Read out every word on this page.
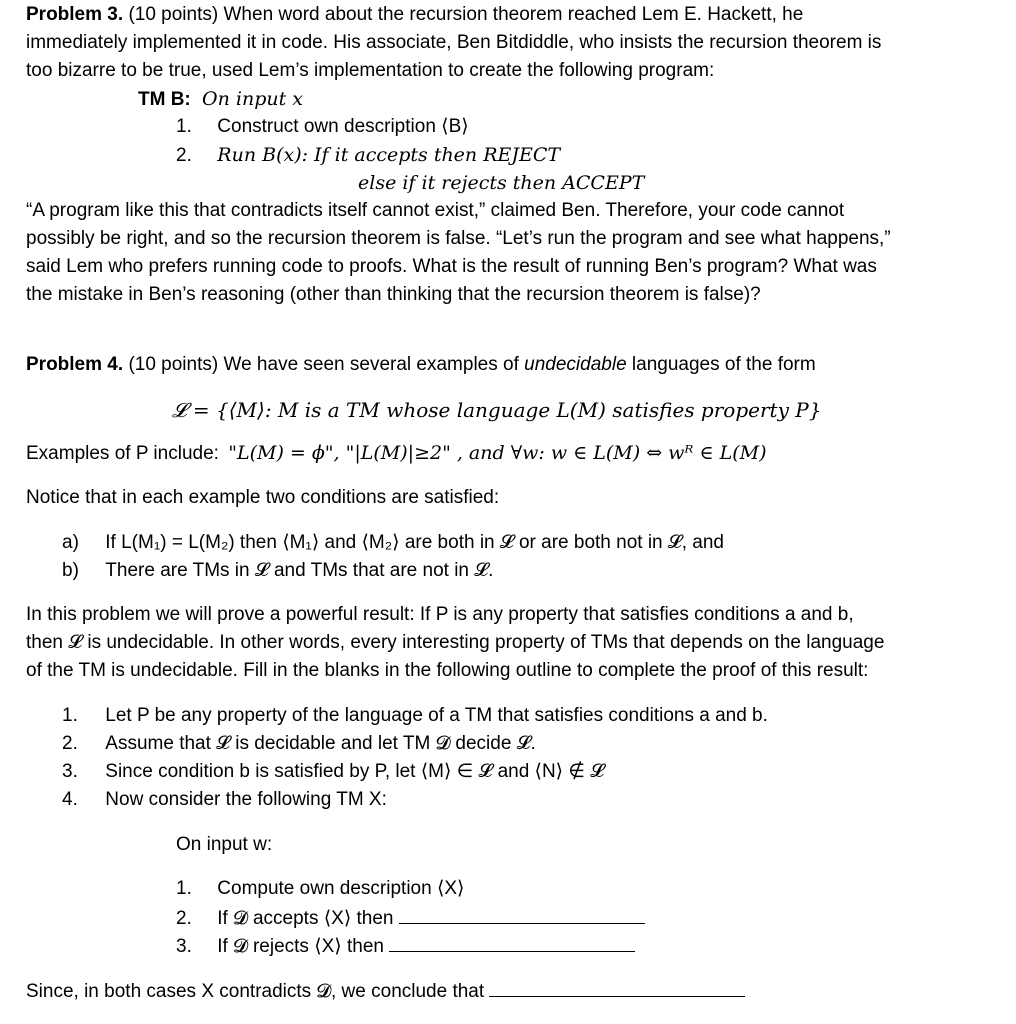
Problem 3. (10 points) When word about the recursion theorem reached Lem E. Hackett, he
immediately implemented it in code. His associate, Ben Bitdiddle, who insists the recursion theorem is
too bizarre to be true, used Lem’s implementation to create the following program:
TM B: On input x
1. Construct own description ⟨B⟩
2. Run B(x): If it accepts then REJECT
else if it rejects then ACCEPT
“A program like this that contradicts itself cannot exist,” claimed Ben. Therefore, your code cannot
possibly be right, and so the recursion theorem is false. “Let’s run the program and see what happens,”
said Lem who prefers running code to proofs. What is the result of running Ben’s program? What was
the mistake in Ben’s reasoning (other than thinking that the recursion theorem is false)?
Problem 4. (10 points) We have seen several examples of undecidable languages of the form
𝓛 = {⟨M⟩: M is a TM whose language L(M) satisfies property P}
Examples of P include: "L(M) = ϕ", "|L(M)|≥2" , and ∀w: w ∈ L(M) ⇔ wᴿ ∈ L(M)
Notice that in each example two conditions are satisfied:
a) If L(M₁) = L(M₂) then ⟨M₁⟩ and ⟨M₂⟩ are both in 𝓛 or are both not in 𝓛, and
b) There are TMs in 𝓛 and TMs that are not in 𝓛.
In this problem we will prove a powerful result: If P is any property that satisfies conditions a and b,
then 𝓛 is undecidable. In other words, every interesting property of TMs that depends on the language
of the TM is undecidable. Fill in the blanks in the following outline to complete the proof of this result:
1. Let P be any property of the language of a TM that satisfies conditions a and b.
2. Assume that 𝓛 is decidable and let TM 𝓓 decide 𝓛.
3. Since condition b is satisfied by P, let ⟨M⟩ ∈ 𝓛 and ⟨N⟩ ∉ 𝓛
4. Now consider the following TM X:
On input w:
1. Compute own description ⟨X⟩
2. If 𝓓 accepts ⟨X⟩ then
3. If 𝓓 rejects ⟨X⟩ then
Since, in both cases X contradicts 𝓓, we conclude that
